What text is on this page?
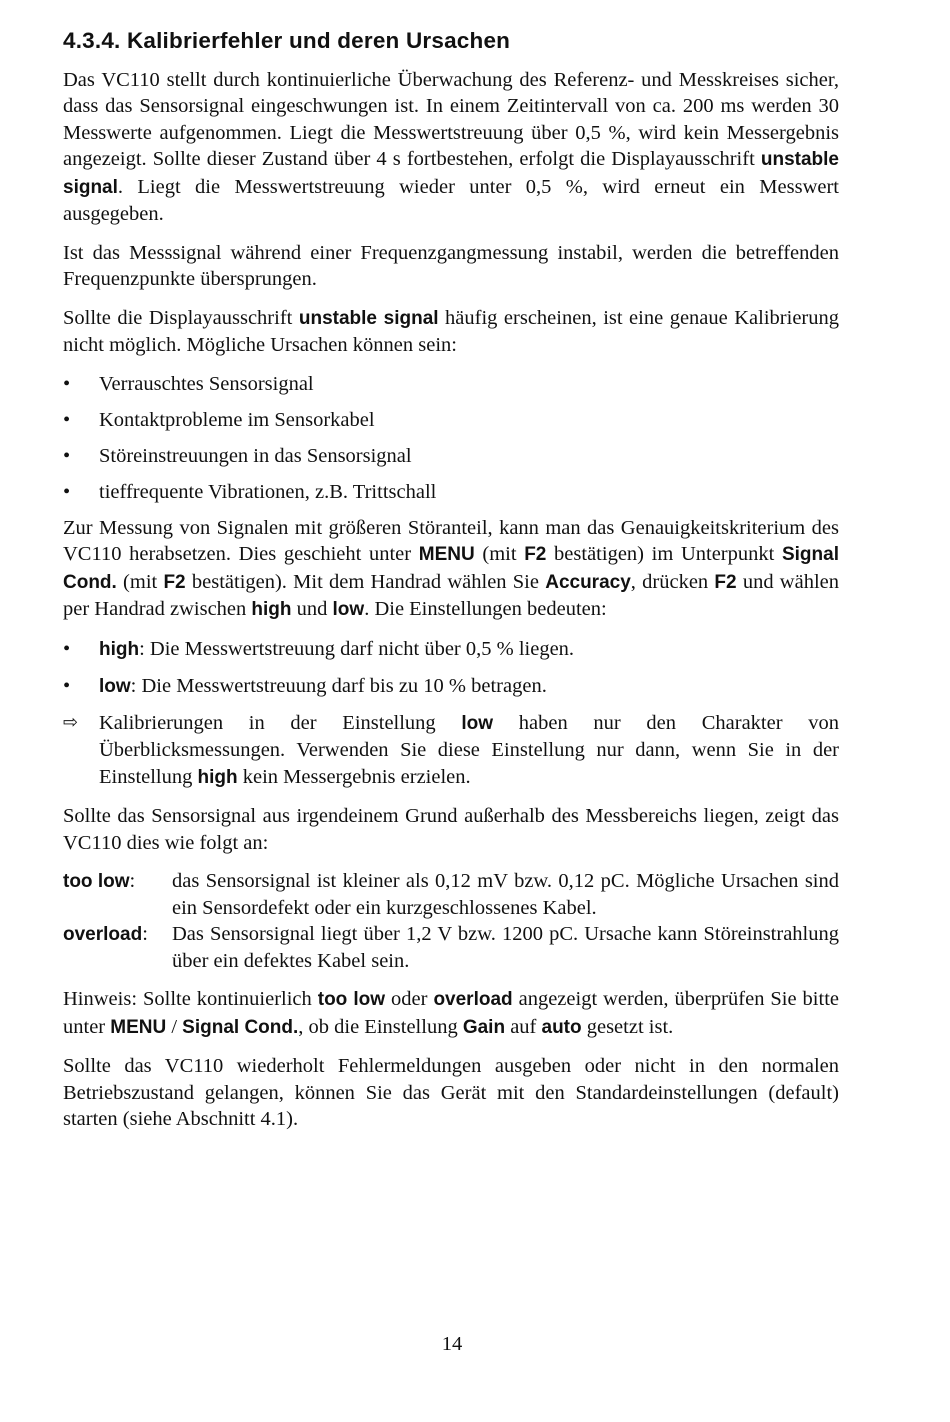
4.3.4. Kalibrierfehler und deren Ursachen

Das VC110 stellt durch kontinuierliche Überwachung des Referenz- und Messkreises sicher, dass das Sensorsignal eingeschwungen ist. In einem Zeitintervall von ca. 200 ms werden 30 Messwerte aufgenommen. Liegt die Messwertstreuung über 0,5 %, wird kein Messergebnis angezeigt. Sollte dieser Zustand über 4 s fortbestehen, erfolgt die Displayausschrift unstable signal. Liegt die Messwertstreuung wieder unter 0,5 %, wird erneut ein Messwert ausgegeben.

Ist das Messsignal während einer Frequenzgangmessung instabil, werden die betreffenden Frequenzpunkte übersprungen.

Sollte die Displayausschrift unstable signal häufig erscheinen, ist eine genaue Kalibrierung nicht möglich. Mögliche Ursachen können sein:

• Verrauschtes Sensorsignal
• Kontaktprobleme im Sensorkabel
• Störeinstreuungen in das Sensorsignal
• tieffrequente Vibrationen, z.B. Trittschall

Zur Messung von Signalen mit größeren Störanteil, kann man das Genauigkeitskriterium des VC110 herabsetzen. Dies geschieht unter MENU (mit F2 bestätigen) im Unterpunkt Signal Cond. (mit F2 bestätigen). Mit dem Handrad wählen Sie Accuracy, drücken F2 und wählen per Handrad zwischen high und low. Die Einstellungen bedeuten:

• high: Die Messwertstreuung darf nicht über 0,5 % liegen.
• low: Die Messwertstreuung darf bis zu 10 % betragen.
⇨ Kalibrierungen in der Einstellung low haben nur den Charakter von Überblicksmessungen. Verwenden Sie diese Einstellung nur dann, wenn Sie in der Einstellung high kein Messergebnis erzielen.

Sollte das Sensorsignal aus irgendeinem Grund außerhalb des Messbereichs liegen, zeigt das VC110 dies wie folgt an:

too low:	das Sensorsignal ist kleiner als 0,12 mV bzw. 0,12 pC. Mögliche Ursachen sind ein Sensordefekt oder ein kurzgeschlossenes Kabel.
overload:	Das Sensorsignal liegt über 1,2 V bzw. 1200 pC. Ursache kann Störeinstrahlung über ein defektes Kabel sein.

Hinweis: Sollte kontinuierlich too low oder overload angezeigt werden, überprüfen Sie bitte unter MENU / Signal Cond., ob die Einstellung Gain auf auto gesetzt ist.

Sollte das VC110 wiederholt Fehlermeldungen ausgeben oder nicht in den normalen Betriebszustand gelangen, können Sie das Gerät mit den Standardeinstellungen (default) starten (siehe Abschnitt 4.1).

14
